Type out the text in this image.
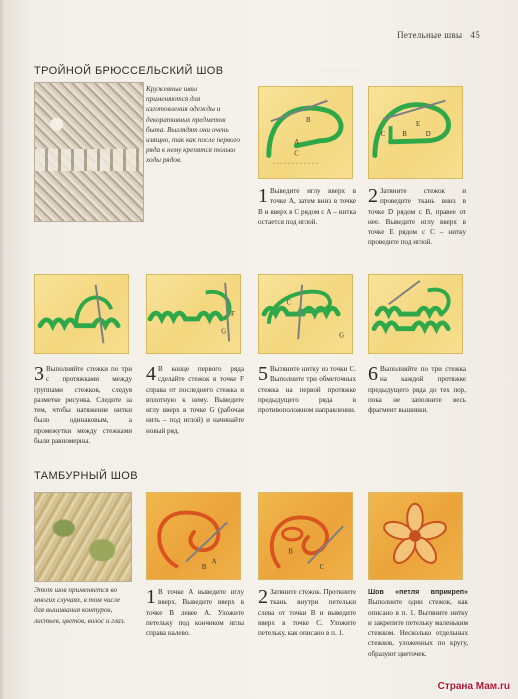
Петельные швы 45
· · · · · · · · · · ·
ТРОЙНОЙ БРЮССЕЛЬСКИЙ ШОВ
Кружевные швы применяются для изготовления одежды и декоративных предметов быта. Выглядят они очень изящно, так как после первого ряда к нему крепятся только ходы рядов.
A
B
C
C B
E
D
1 Выведите иглу вверх в точке А, затем вниз в точке В и вверх в С рядом с А – нитка остается под иглой.
2 Затяните стежок и проведите ткань вниз в точке D рядом с В, правее от нее. Выведите иглу вверх в точке Е рядом с С – нитку проведите под иглой.
G
F
C
G
3 Выполняйте стежки по три с протяжками между группами стежков, следуя разметке рисунка. Следите за тем, чтобы натяжение нитки было одинаковым, а промежутки между стежками были равномерны.
4 В конце первого ряда сделайте стежок в точке F справа от последнего стежка и вплотную к нему. Выведите иглу вверх в точке G (рабочая нить – под иглой) и начинайте новый ряд.
5 Вытяните нитку из точки С. Выполните три обметочных стежка на первой протяжке предыдущего ряда в противоположном направлении.
6 Выполняйте по три стежка на каждой протяжке предыдущего ряда до тех пор, пока не заполните весь фрагмент вышивки.
ТАМБУРНЫЙ ШОВ
Этот шов применяется во многих случаях, в том числе для вышивания контуров, листьев, цветов, волос и глаз.
A
B
B
C
1 В точке А выведите иглу вверх. Выведите вверх в точке В левее А. Уложите петельку под кончиком иглы справа налево.
2 Затяните стежок. Проткните ткань внутри петельки слева от точки В и выведите вверх в точке С. Уложите петельку, как описано в п. 1.
Шов «петля вприкреп» Выполните один стежок, как описано в п. 1. Вытяните нитку и закрепите петельку маленьким стежком. Несколько отдельных стежков, уложенных по кругу, образуют цветочек.
Страна Мам.ru
